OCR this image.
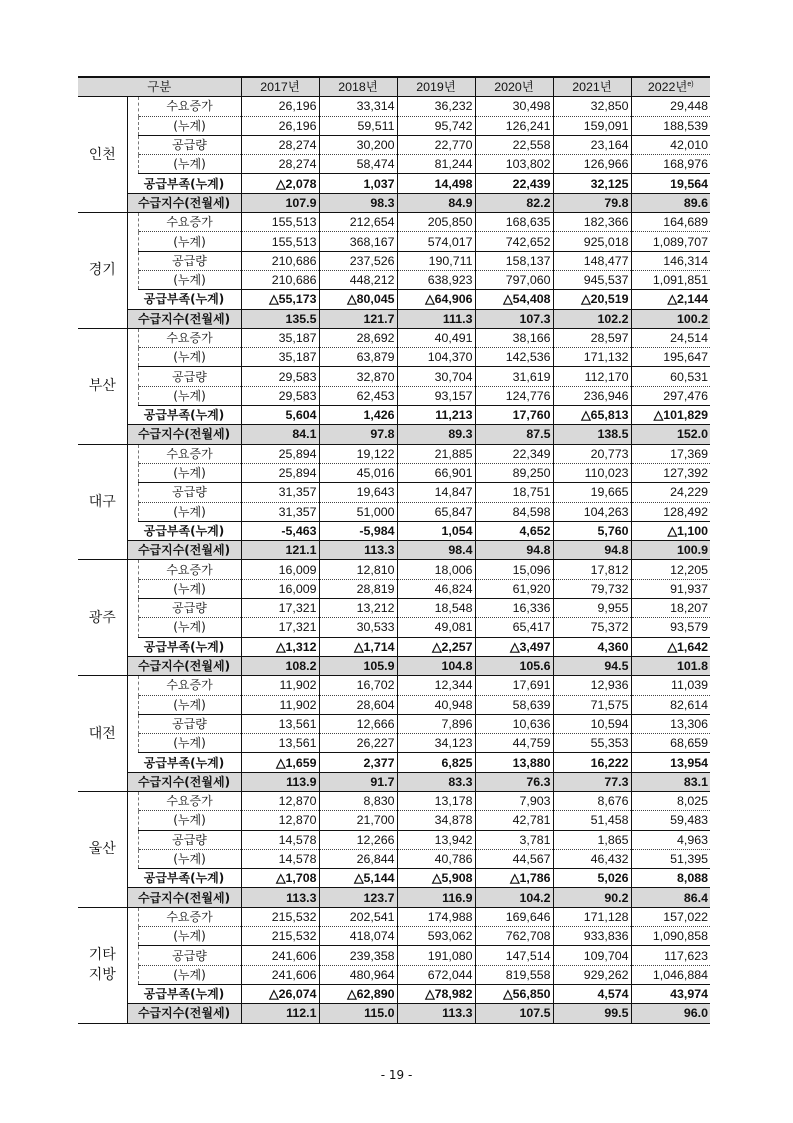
구분			2017년	2018년	2019년	2020년	2021년	2022년$^{e)}$
인천		수요증가	26,196	33,314	36,232	30,498	32,850	29,448
		(누계)	26,196	59,511	95,742	126,241	159,091	188,539
		공급량	28,274	30,200	22,770	22,558	23,164	42,010
		(누계)	28,274	58,474	81,244	103,802	126,966	168,976
	공급부족(누계)		△2,078	1,037	14,498	22,439	32,125	19,564
	수급지수(전월세)		107.9	98.3	84.9	82.2	79.8	89.6
경기		수요증가	155,513	212,654	205,850	168,635	182,366	164,689
		(누계)	155,513	368,167	574,017	742,652	925,018	1,089,707
		공급량	210,686	237,526	190,711	158,137	148,477	146,314
		(누계)	210,686	448,212	638,923	797,060	945,537	1,091,851
	공급부족(누계)		△55,173	△80,045	△64,906	△54,408	△20,519	△2,144
	수급지수(전월세)		135.5	121.7	111.3	107.3	102.2	100.2
부산		수요증가	35,187	28,692	40,491	38,166	28,597	24,514
		(누계)	35,187	63,879	104,370	142,536	171,132	195,647
		공급량	29,583	32,870	30,704	31,619	112,170	60,531
		(누계)	29,583	62,453	93,157	124,776	236,946	297,476
	공급부족(누계)		5,604	1,426	11,213	17,760	△65,813	△101,829
	수급지수(전월세)		84.1	97.8	89.3	87.5	138.5	152.0
대구		수요증가	25,894	19,122	21,885	22,349	20,773	17,369
		(누계)	25,894	45,016	66,901	89,250	110,023	127,392
		공급량	31,357	19,643	14,847	18,751	19,665	24,229
		(누계)	31,357	51,000	65,847	84,598	104,263	128,492
	공급부족(누계)		-5,463	-5,984	1,054	4,652	5,760	△1,100
	수급지수(전월세)		121.1	113.3	98.4	94.8	94.8	100.9
광주		수요증가	16,009	12,810	18,006	15,096	17,812	12,205
		(누계)	16,009	28,819	46,824	61,920	79,732	91,937
		공급량	17,321	13,212	18,548	16,336	9,955	18,207
		(누계)	17,321	30,533	49,081	65,417	75,372	93,579
	공급부족(누계)		△1,312	△1,714	△2,257	△3,497	4,360	△1,642
	수급지수(전월세)		108.2	105.9	104.8	105.6	94.5	101.8
대전		수요증가	11,902	16,702	12,344	17,691	12,936	11,039
		(누계)	11,902	28,604	40,948	58,639	71,575	82,614
		공급량	13,561	12,666	7,896	10,636	10,594	13,306
		(누계)	13,561	26,227	34,123	44,759	55,353	68,659
	공급부족(누계)		△1,659	2,377	6,825	13,880	16,222	13,954
	수급지수(전월세)		113.9	91.7	83.3	76.3	77.3	83.1
울산		수요증가	12,870	8,830	13,178	7,903	8,676	8,025
		(누계)	12,870	21,700	34,878	42,781	51,458	59,483
		공급량	14,578	12,266	13,942	3,781	1,865	4,963
		(누계)	14,578	26,844	40,786	44,567	46,432	51,395
	공급부족(누계)		△1,708	△5,144	△5,908	△1,786	5,026	8,088
	수급지수(전월세)		113.3	123.7	116.9	104.2	90.2	86.4
기타
지방		수요증가	215,532	202,541	174,988	169,646	171,128	157,022
		(누계)	215,532	418,074	593,062	762,708	933,836	1,090,858
		공급량	241,606	239,358	191,080	147,514	109,704	117,623
		(누계)	241,606	480,964	672,044	819,558	929,262	1,046,884
	공급부족(누계)		△26,074	△62,890	△78,982	△56,850	4,574	43,974
	수급지수(전월세)		112.1	115.0	113.3	107.5	99.5	96.0
- 19 -
